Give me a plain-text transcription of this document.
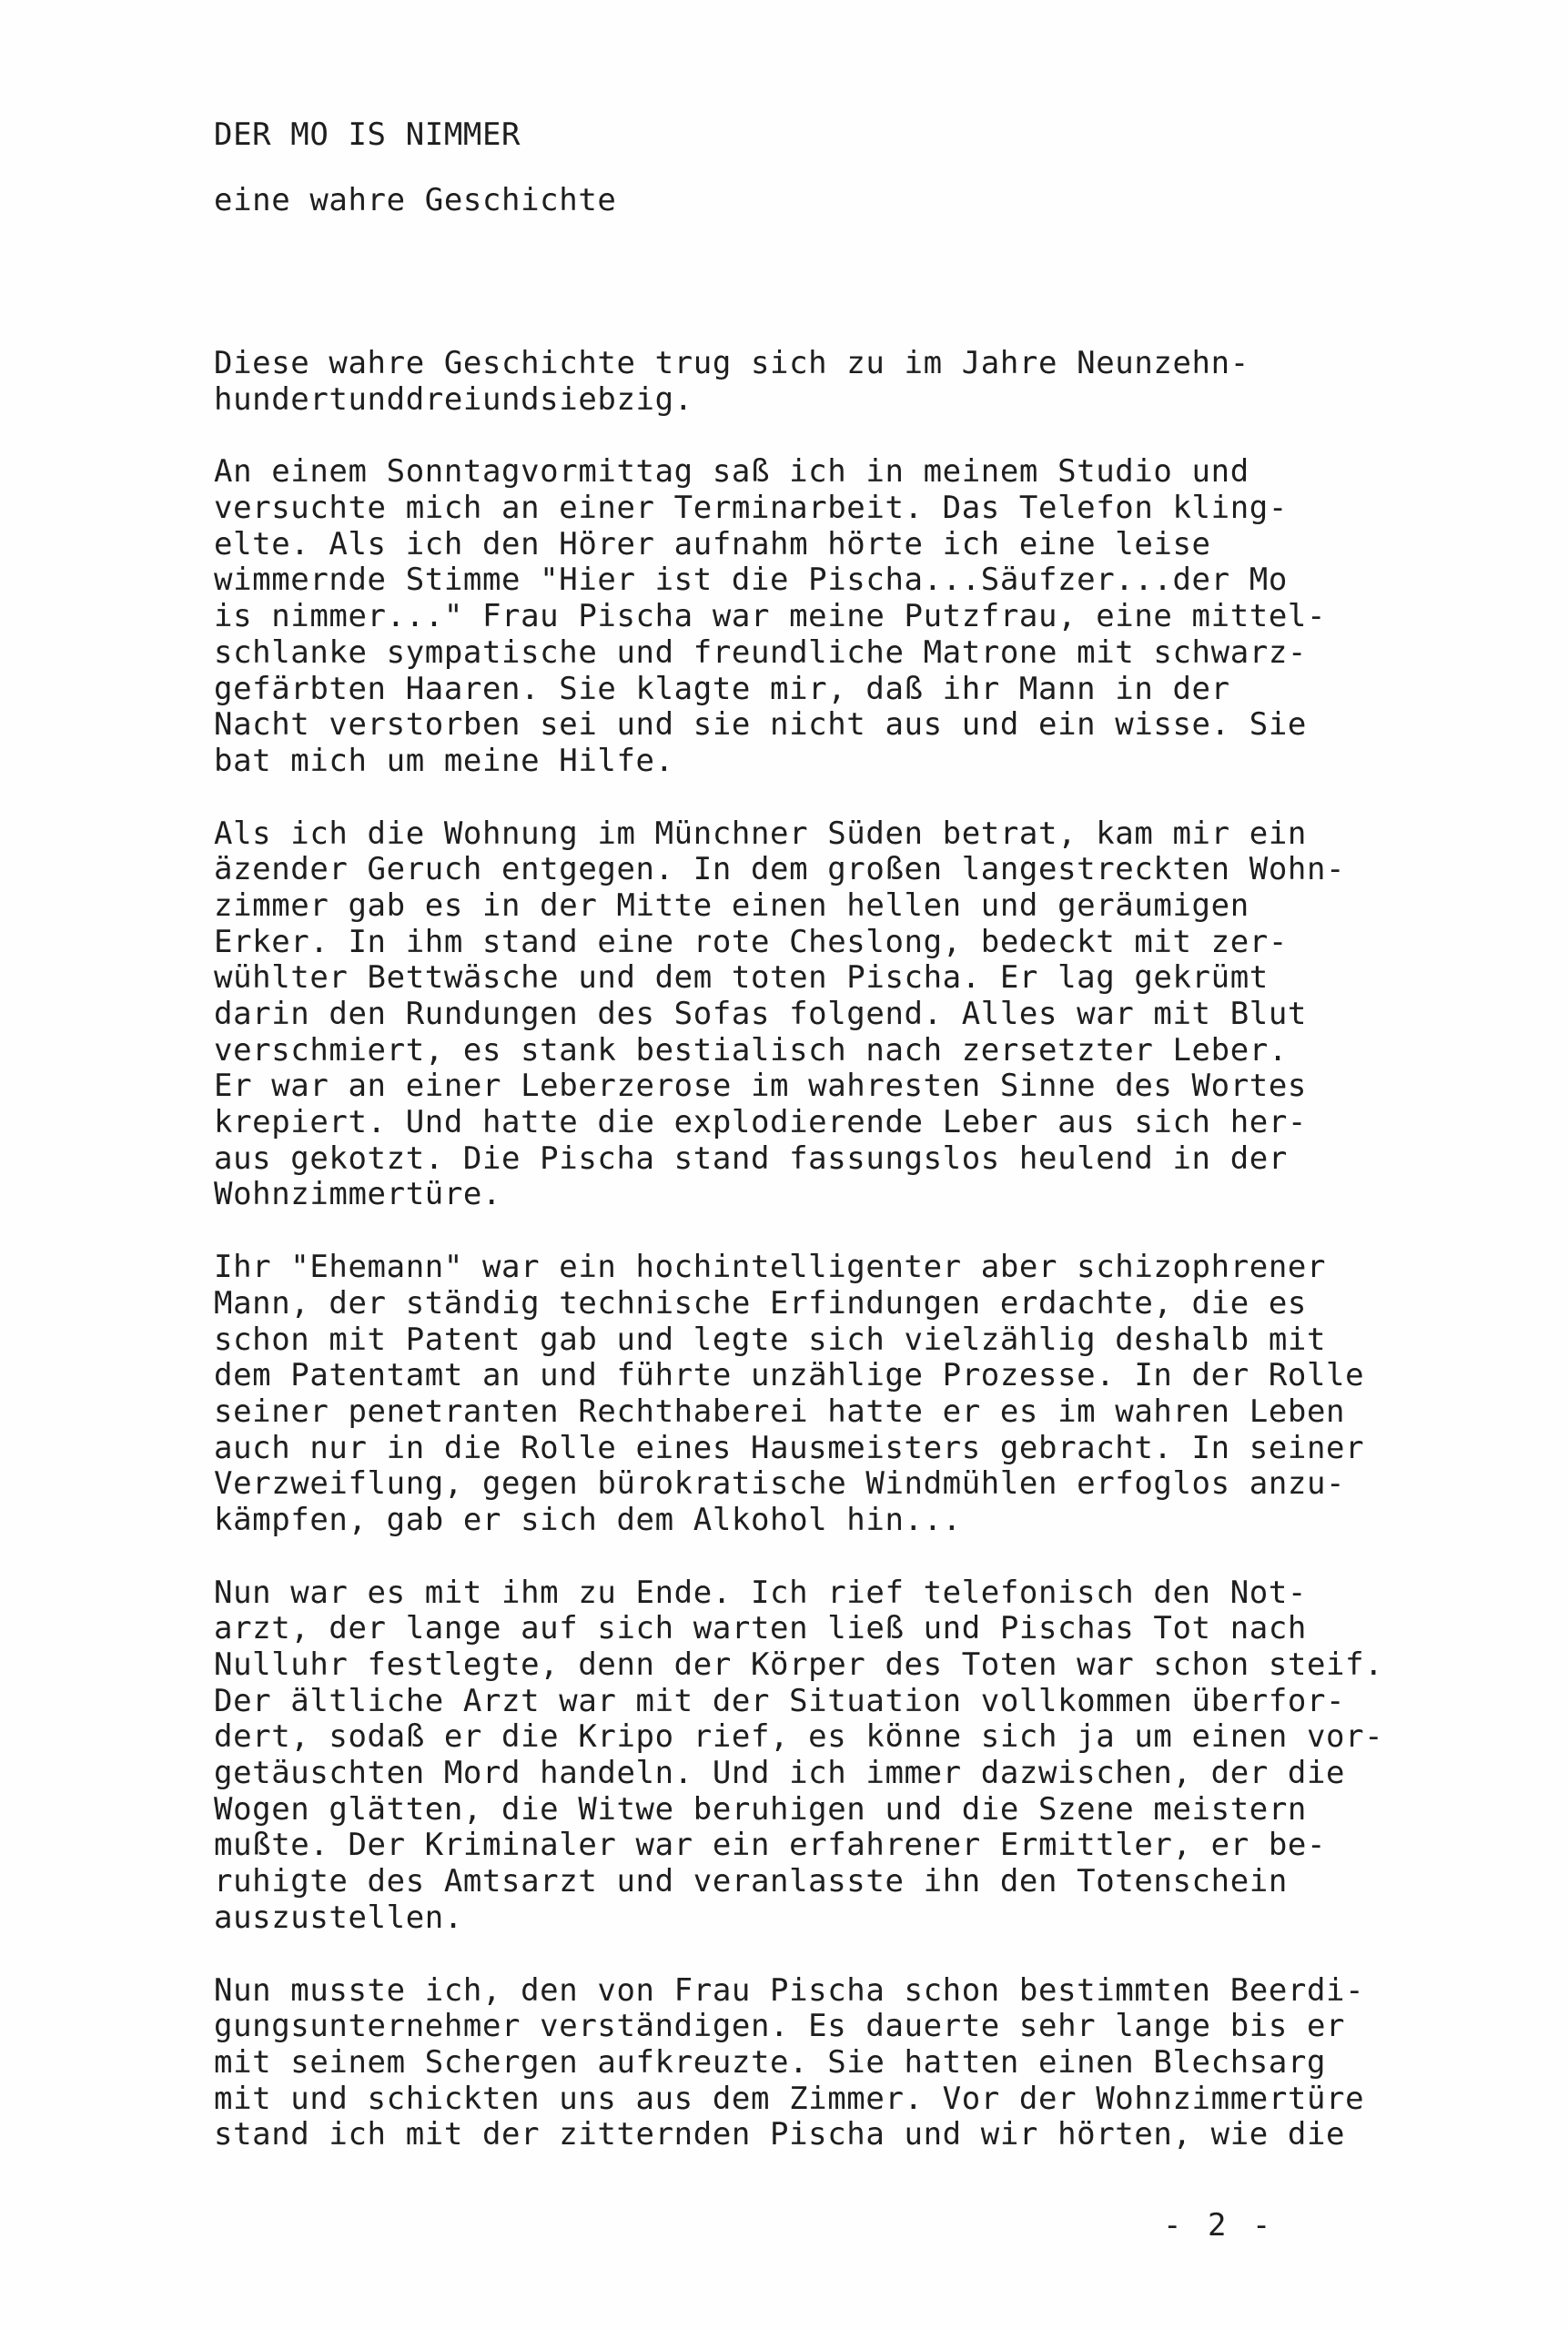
DER MO IS NIMMER
eine wahre Geschichte
Diese wahre Geschichte trug sich zu im Jahre Neunzehn-
hundertunddreiundsiebzig.
An einem Sonntagvormittag saß ich in meinem Studio und
versuchte mich an einer Terminarbeit. Das Telefon kling-
elte. Als ich den Hörer aufnahm hörte ich eine leise
wimmernde Stimme "Hier ist die Pischa...Säufzer...der Mo
is nimmer..." Frau Pischa war meine Putzfrau, eine mittel-
schlanke sympatische und freundliche Matrone mit schwarz-
gefärbten Haaren. Sie klagte mir, daß ihr Mann in der
Nacht verstorben sei und sie nicht aus und ein wisse. Sie
bat mich um meine Hilfe.
Als ich die Wohnung im Münchner Süden betrat, kam mir ein
äzender Geruch entgegen. In dem großen langestreckten Wohn-
zimmer gab es in der Mitte einen hellen und geräumigen
Erker. In ihm stand eine rote Cheslong, bedeckt mit zer-
wühlter Bettwäsche und dem toten Pischa. Er lag gekrümt
darin den Rundungen des Sofas folgend. Alles war mit Blut
verschmiert, es stank bestialisch nach zersetzter Leber.
Er war an einer Leberzerose im wahresten Sinne des Wortes
krepiert. Und hatte die explodierende Leber aus sich her-
aus gekotzt. Die Pischa stand fassungslos heulend in der
Wohnzimmertüre.
Ihr "Ehemann" war ein hochintelligenter aber schizophrener
Mann, der ständig technische Erfindungen erdachte, die es
schon mit Patent gab und legte sich vielzählig deshalb mit
dem Patentamt an und führte unzählige Prozesse. In der Rolle
seiner penetranten Rechthaberei hatte er es im wahren Leben
auch nur in die Rolle eines Hausmeisters gebracht. In seiner
Verzweiflung, gegen bürokratische Windmühlen erfoglos anzu-
kämpfen, gab er sich dem Alkohol hin...
Nun war es mit ihm zu Ende. Ich rief telefonisch den Not-
arzt, der lange auf sich warten ließ und Pischas Tot nach
Nulluhr festlegte, denn der Körper des Toten war schon steif.
Der ältliche Arzt war mit der Situation vollkommen überfor-
dert, sodaß er die Kripo rief, es könne sich ja um einen vor-
getäuschten Mord handeln. Und ich immer dazwischen, der die
Wogen glätten, die Witwe beruhigen und die Szene meistern
mußte. Der Kriminaler war ein erfahrener Ermittler, er be-
ruhigte des Amtsarzt und veranlasste ihn den Totenschein
auszustellen.
Nun musste ich, den von Frau Pischa schon bestimmten Beerdi-
gungsunternehmer verständigen. Es dauerte sehr lange bis er
mit seinem Schergen aufkreuzte. Sie hatten einen Blechsarg
mit und schickten uns aus dem Zimmer. Vor der Wohnzimmertüre
stand ich mit der zitternden Pischa und wir hörten, wie die
- 2 -
